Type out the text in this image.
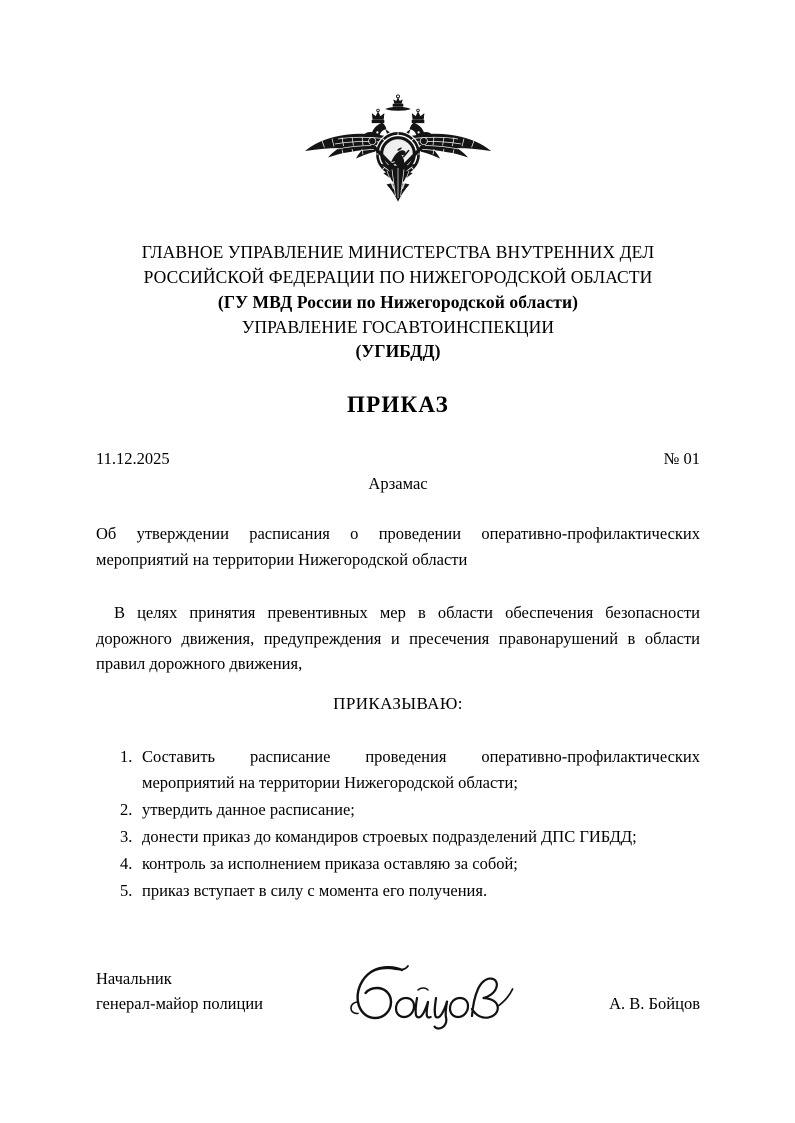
ГЛАВНОЕ УПРАВЛЕНИЕ МИНИСТЕРСТВА ВНУТРЕННИХ ДЕЛ
РОССИЙСКОЙ ФЕДЕРАЦИИ ПО НИЖЕГОРОДСКОЙ ОБЛАСТИ
(ГУ МВД России по Нижегородской области)
УПРАВЛЕНИЕ ГОСАВТОИНСПЕКЦИИ
(УГИБДД)
ПРИКАЗ
11.12.2025	№ 01
Арзамас
Об утверждении расписания о проведении оперативно-профилактических мероприятий на территории Нижегородской области
В целях принятия превентивных мер в области обеспечения безопасности дорожного движения, предупреждения и пресечения правонарушений в области правил дорожного движения,
ПРИКАЗЫВАЮ:
1. Составить расписание проведения оперативно-профилактических мероприятий на территории Нижегородской области;
2. утвердить данное расписание;
3. донести приказ до командиров строевых подразделений ДПС ГИБДД;
4. контроль за исполнением приказа оставляю за собой;
5. приказ вступает в силу с момента его получения.
Начальник
генерал-майор полиции	А. В. Бойцов
